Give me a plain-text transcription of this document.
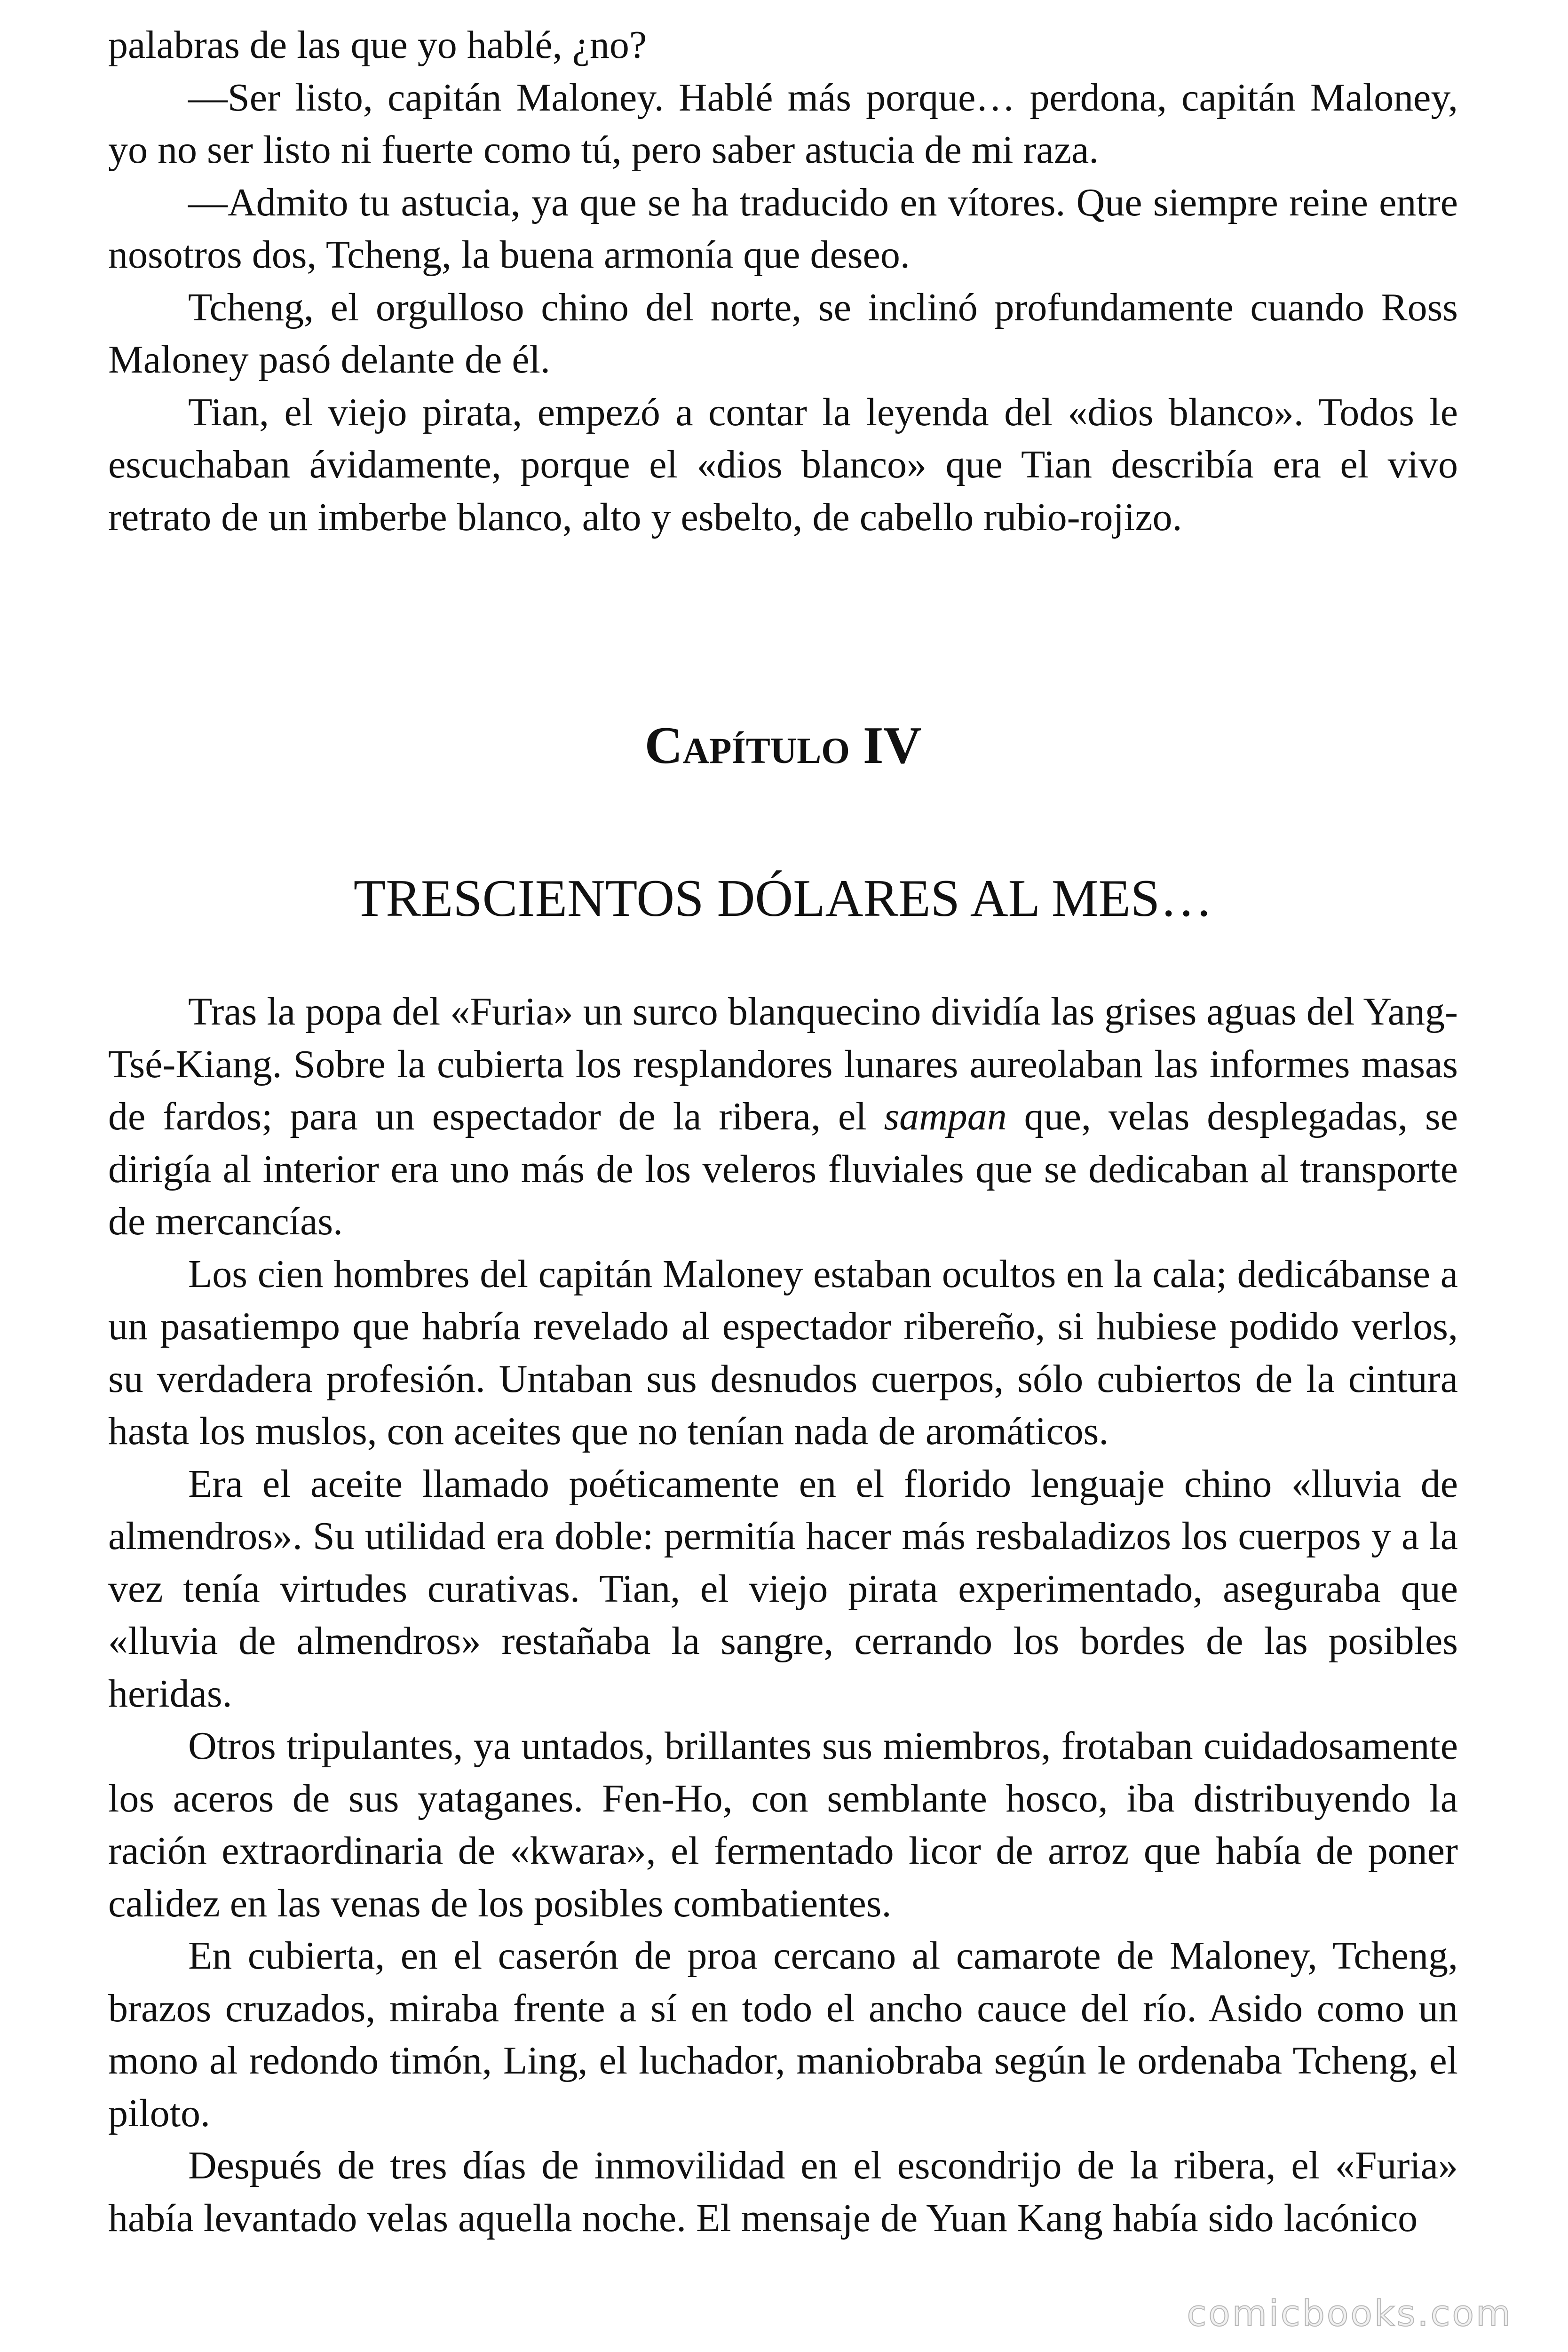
palabras de las que yo hablé, ¿no?

—Ser listo, capitán Maloney. Hablé más porque… perdona, capitán Maloney, yo no ser listo ni fuerte como tú, pero saber astucia de mi raza.

—Admito tu astucia, ya que se ha traducido en vítores. Que siempre reine entre nosotros dos, Tcheng, la buena armonía que deseo.

Tcheng, el orgulloso chino del norte, se inclinó profundamente cuando Ross Maloney pasó delante de él.

Tian, el viejo pirata, empezó a contar la leyenda del «dios blanco». Todos le escuchaban ávidamente, porque el «dios blanco» que Tian describía era el vivo retrato de un imberbe blanco, alto y esbelto, de cabello rubio-rojizo.

Capítulo IV
TRESCIENTOS DÓLARES AL MES…

Tras la popa del «Furia» un surco blanquecino dividía las grises aguas del Yang-Tsé-Kiang. Sobre la cubierta los resplandores lunares aureolaban las informes masas de fardos; para un espectador de la ribera, el sampan que, velas desplegadas, se dirigía al interior era uno más de los veleros fluviales que se dedicaban al transporte de mercancías.

Los cien hombres del capitán Maloney estaban ocultos en la cala; dedicábanse a un pasatiempo que habría revelado al espectador ribereño, si hubiese podido verlos, su verdadera profesión. Untaban sus desnudos cuerpos, sólo cubiertos de la cintura hasta los muslos, con aceites que no tenían nada de aromáticos.

Era el aceite llamado poéticamente en el florido lenguaje chino «lluvia de almendros». Su utilidad era doble: permitía hacer más resbaladizos los cuerpos y a la vez tenía virtudes curativas. Tian, el viejo pirata experimentado, aseguraba que «lluvia de almendros» restañaba la sangre, cerrando los bordes de las posibles heridas.

Otros tripulantes, ya untados, brillantes sus miembros, frotaban cuidadosamente los aceros de sus yataganes. Fen-Ho, con semblante hosco, iba distribuyendo la ración extraordinaria de «kwara», el fermentado licor de arroz que había de poner calidez en las venas de los posibles combatientes.

En cubierta, en el caserón de proa cercano al camarote de Maloney, Tcheng, brazos cruzados, miraba frente a sí en todo el ancho cauce del río. Asido como un mono al redondo timón, Ling, el luchador, maniobraba según le ordenaba Tcheng, el piloto.

Después de tres días de inmovilidad en el escondrijo de la ribera, el «Furia» había levantado velas aquella noche. El mensaje de Yuan Kang había sido lacónico

comicbooks.com
